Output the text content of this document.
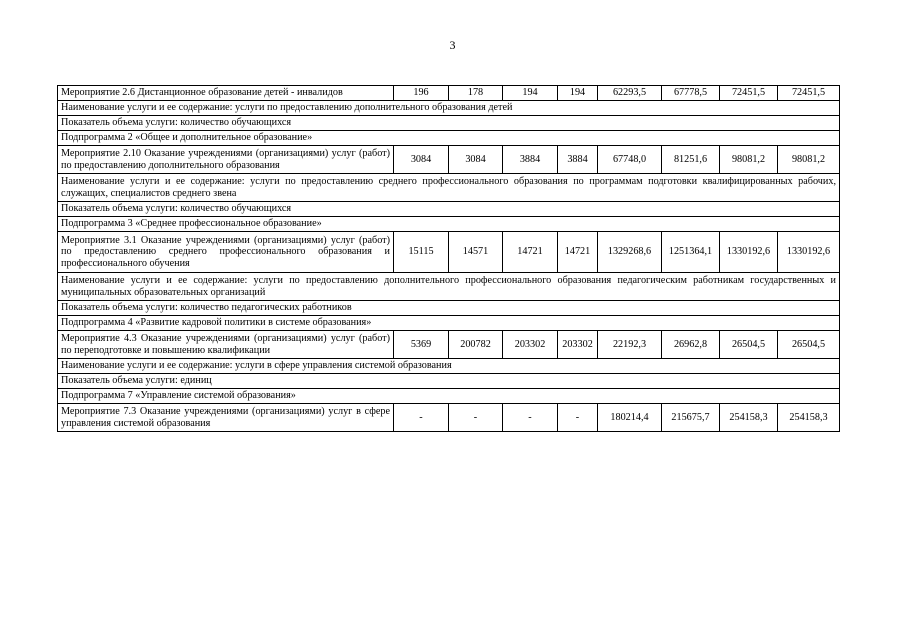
3
Мероприятие 2.6 Дистанционное образование детей - инвалидов	196	178	194	194	62293,5	67778,5	72451,5	72451,5
Наименование услуги и ее содержание: услуги по предоставлению дополнительного образования детей								
Показатель объема услуги: количество обучающихся								
Подпрограмма 2 «Общее и дополнительное образование»								
Мероприятие 2.10 Оказание учреждениями (организациями) услуг (работ) по предоставлению дополнительного образования	3084	3084	3884	3884	67748,0	81251,6	98081,2	98081,2
Наименование услуги и ее содержание: услуги по предоставлению среднего профессионального образования по программам подготовки квалифицированных рабочих, служащих, специалистов среднего звена								
Показатель объема услуги: количество обучающихся								
Подпрограмма 3 «Среднее профессиональное образование»								
Мероприятие 3.1 Оказание учреждениями (организациями) услуг (работ) по предоставлению среднего профессионального образования и профессионального обучения	15115	14571	14721	14721	1329268,6	1251364,1	1330192,6	1330192,6
Наименование услуги и ее содержание: услуги по предоставлению дополнительного профессионального образования педагогическим работникам государственных и муниципальных образовательных организаций								
Показатель объема услуги: количество педагогических работников								
Подпрограмма 4 «Развитие кадровой политики в системе образования»								
Мероприятие 4.3 Оказание учреждениями (организациями) услуг (работ) по переподготовке и повышению квалификации	5369	200782	203302	203302	22192,3	26962,8	26504,5	26504,5
Наименование услуги и ее содержание: услуги в сфере управления системой образования								
Показатель объема услуги: единиц								
Подпрограмма 7 «Управление системой образования»								
Мероприятие 7.3 Оказание учреждениями (организациями) услуг в сфере управления системой образования	-	-	-	-	180214,4	215675,7	254158,3	254158,3
